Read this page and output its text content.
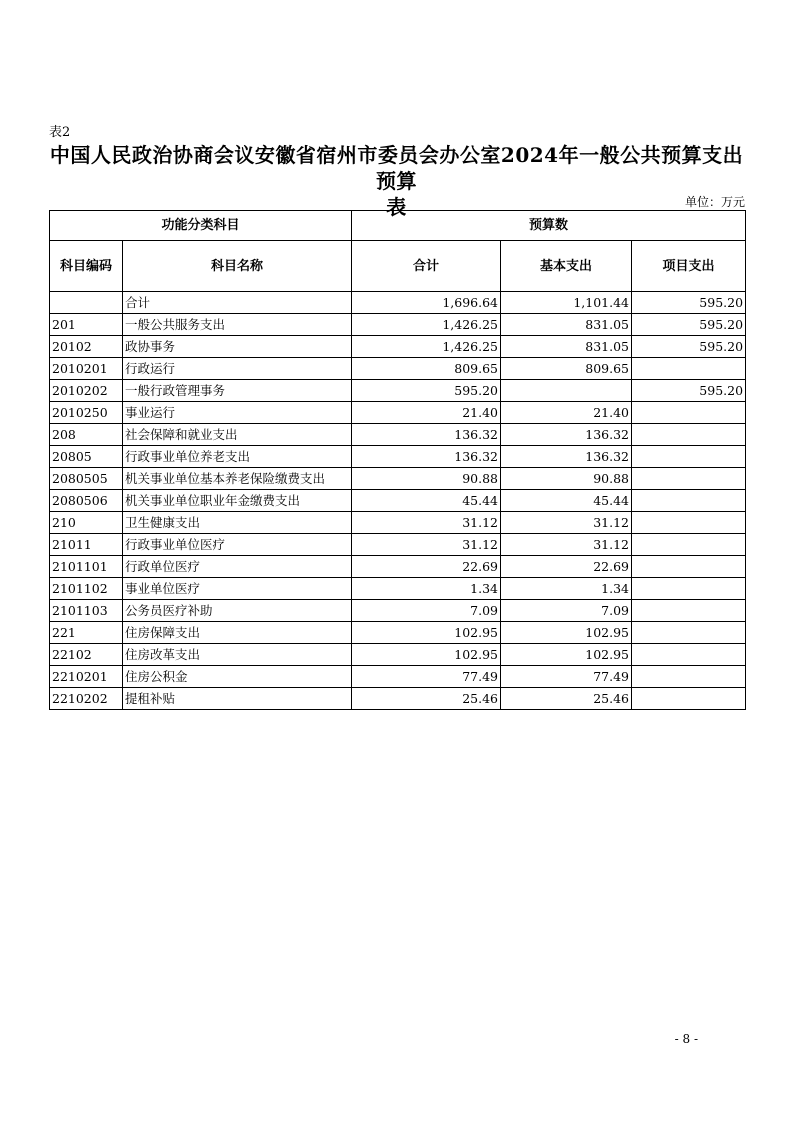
表2
中国人民政治协商会议安徽省宿州市委员会办公室2024年一般公共预算支出预算
表	单位：万元
功能分类科目		预算数		
科目编码	科目名称	合计	基本支出	项目支出
	合计	1,696.64	1,101.44	595.20
201	一般公共服务支出	1,426.25	831.05	595.20
20102	政协事务	1,426.25	831.05	595.20
2010201	行政运行	809.65	809.65	
2010202	一般行政管理事务	595.20		595.20
2010250	事业运行	21.40	21.40	
208	社会保障和就业支出	136.32	136.32	
20805	行政事业单位养老支出	136.32	136.32	
2080505	机关事业单位基本养老保险缴费支出	90.88	90.88	
2080506	机关事业单位职业年金缴费支出	45.44	45.44	
210	卫生健康支出	31.12	31.12	
21011	行政事业单位医疗	31.12	31.12	
2101101	行政单位医疗	22.69	22.69	
2101102	事业单位医疗	1.34	1.34	
2101103	公务员医疗补助	7.09	7.09	
221	住房保障支出	102.95	102.95	
22102	住房改革支出	102.95	102.95	
2210201	住房公积金	77.49	77.49	
2210202	提租补贴	25.46	25.46	
- 8 -
